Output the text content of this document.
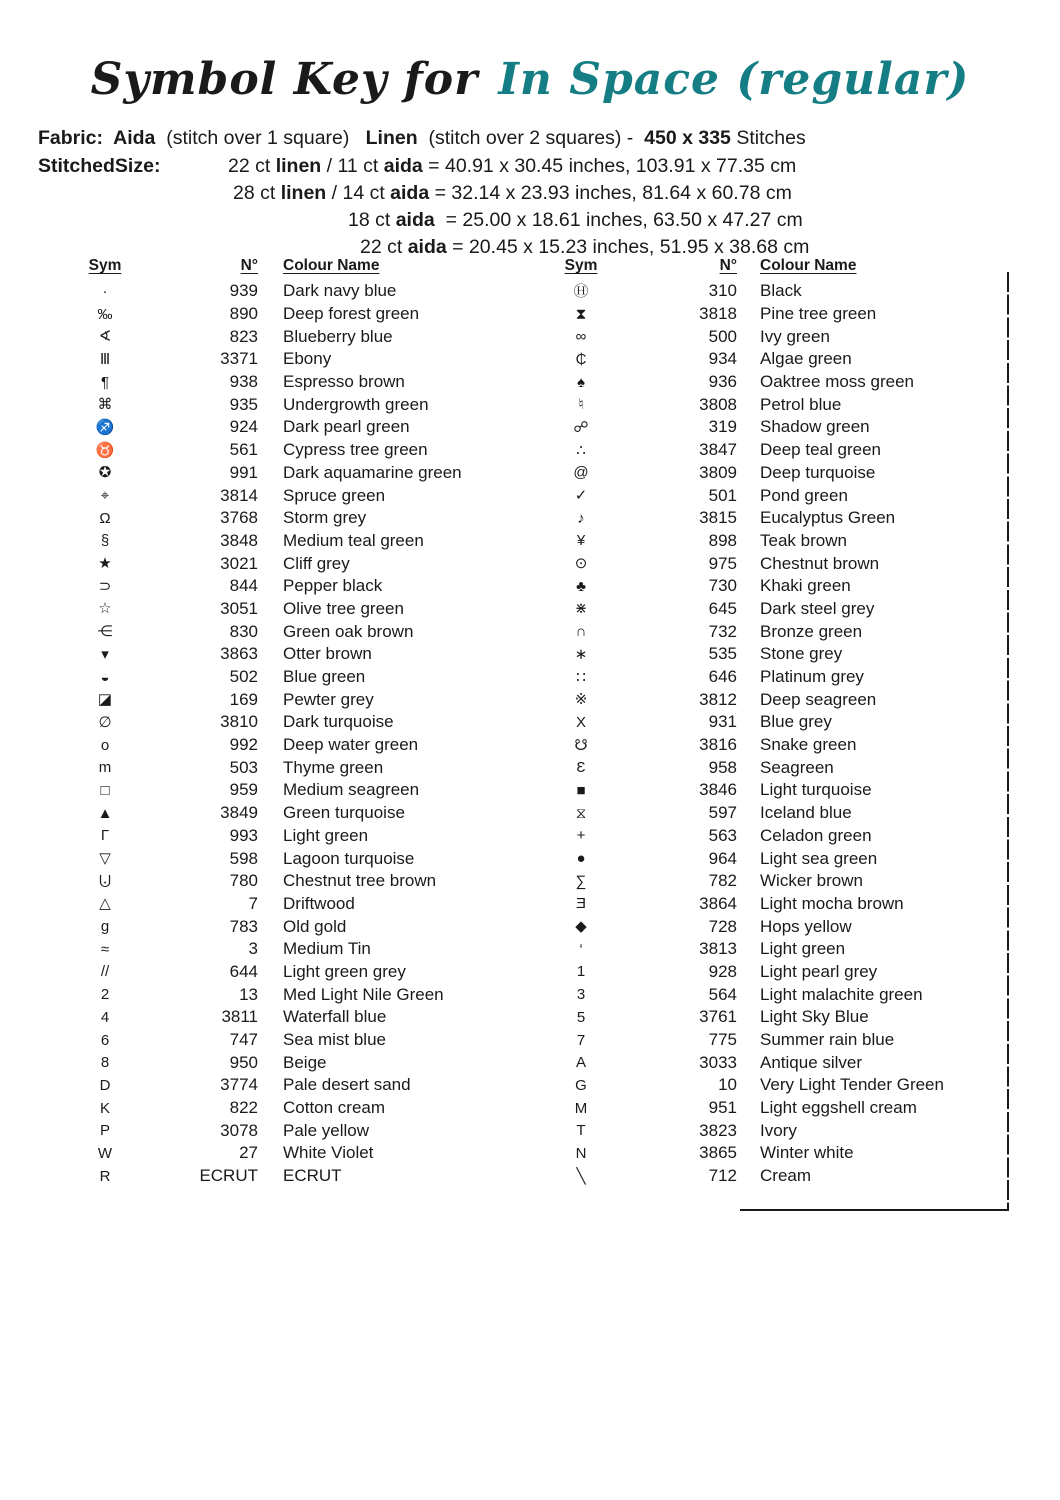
Symbol Key for In Space (regular)
Fabric:  Aida  (stitch over 1 square)   Linen  (stitch over 2 squares) -  450 x 335 Stitches
StitchedSize:	22 ct linen / 11 ct aida = 40.91 x 30.45 inches, 103.91 x 77.35 cm
28 ct linen / 14 ct aida = 32.14 x 23.93 inches, 81.64 x 60.78 cm
18 ct aida  = 25.00 x 18.61 inches, 63.50 x 47.27 cm
22 ct aida = 20.45 x 15.23 inches, 51.95 x 38.68 cm
Sym	N° Colour Name	Sym	N° Colour Name
·	939	Dark navy blue
‰	890	Deep forest green
∢	823	Blueberry blue
Ⅲ	3371	Ebony
¶	938	Espresso brown
⌘	935	Undergrowth green
♐	924	Dark pearl green
♉	561	Cypress tree green
✪	991	Dark aquamarine green
⌖	3814	Spruce green
Ω	3768	Storm grey
§	3848	Medium teal green
★	3021	Cliff grey
⊃	844	Pepper black
☆	3051	Olive tree green
⋲	830	Green oak brown
▾	3863	Otter brown
◒	502	Blue green
◪	169	Pewter grey
∅	3810	Dark turquoise
o	992	Deep water green
m	503	Thyme green
□	959	Medium seagreen
▲	3849	Green turquoise
Γ	993	Light green
▽	598	Lagoon turquoise
⨃	780	Chestnut tree brown
△	7	Driftwood
g	783	Old gold
≈	3	Medium Tin
//	644	Light green grey
2	13	Med Light Nile Green
4	3811	Waterfall blue
6	747	Sea mist blue
8	950	Beige
D	3774	Pale desert sand
K	822	Cotton cream
P	3078	Pale yellow
W	27	White Violet
R	ECRUT	ECRUT
Ⓗ	310	Black
⧗	3818	Pine tree green
∞	500	Ivy green
₵	934	Algae green
♠	936	Oaktree moss green
♮	3808	Petrol blue
☍	319	Shadow green
∴	3847	Deep teal green
@	3809	Deep turquoise
✓	501	Pond green
♪	3815	Eucalyptus Green
¥	898	Teak brown
⊙	975	Chestnut brown
♣	730	Khaki green
⋇	645	Dark steel grey
∩	732	Bronze green
∗	535	Stone grey
∷	646	Platinum grey
※	3812	Deep seagreen
X	931	Blue grey
☋	3816	Snake green
Ɛ	958	Seagreen
■	3846	Light turquoise
⧖	597	Iceland blue
+	563	Celadon green
●	964	Light sea green
∑	782	Wicker brown
Ǝ	3864	Light mocha brown
◆	728	Hops yellow
‘	3813	Light green
1	928	Light pearl grey
3	564	Light malachite green
5	3761	Light Sky Blue
7	775	Summer rain blue
A	3033	Antique silver
G	10	Very Light Tender Green
M	951	Light eggshell cream
T	3823	Ivory
N	3865	Winter white
╲	712	Cream
